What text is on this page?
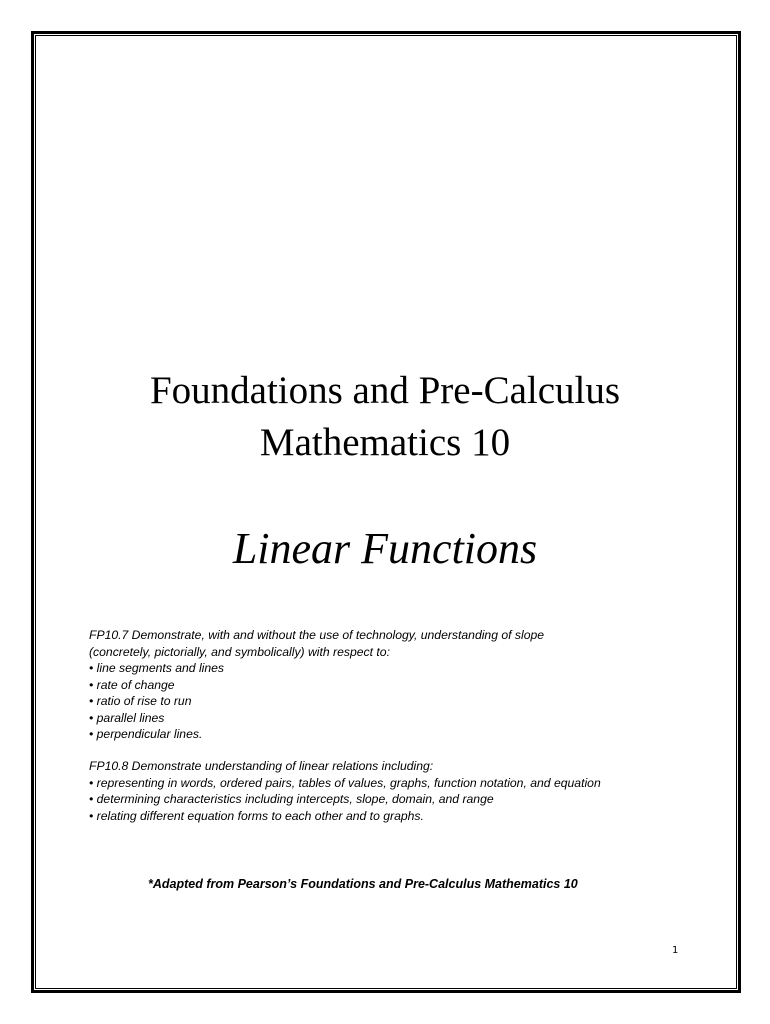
Foundations and Pre-Calculus
Mathematics 10
Linear Functions

FP10.7 Demonstrate, with and without the use of technology, understanding of slope

(concretely, pictorially, and symbolically) with respect to:

• line segments and lines

• rate of change

• ratio of rise to run

• parallel lines

• perpendicular lines.

FP10.8 Demonstrate understanding of linear relations including:

• representing in words, ordered pairs, tables of values, graphs, function notation, and equation

• determining characteristics including intercepts, slope, domain, and range

• relating different equation forms to each other and to graphs.

*Adapted from Pearson’s Foundations and Pre-Calculus Mathematics 10
1
